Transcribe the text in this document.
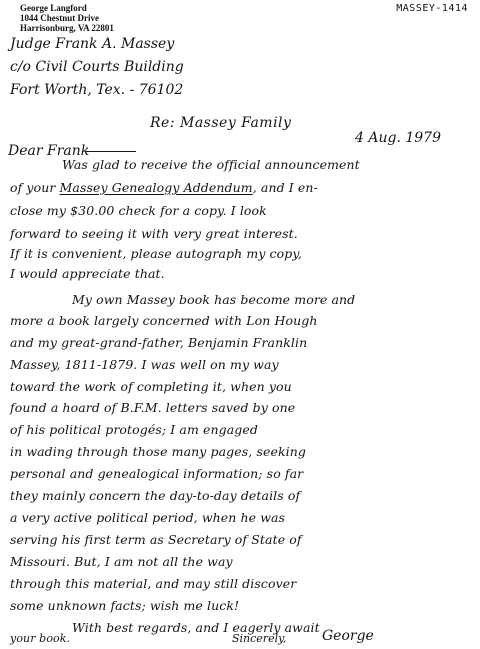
George Langford
1044 Chestnut Drive
Harrisonburg, VA 22801
MASSEY-1414
Judge Frank A. Massey
c/o Civil Courts Building
Fort Worth, Tex. - 76102
Re: Massey Family
4 Aug. 1979
Dear Frank
Was glad to receive the official announcement
of your Massey Genealogy Addendum, and I en-
close my $30.00 check for a copy. I look
forward to seeing it with very great interest.
If it is convenient, please autograph my copy,
I would appreciate that.
My own Massey book has become more and
more a book largely concerned with Lon Hough
and my great-grand-father, Benjamin Franklin
Massey, 1811-1879. I was well on my way
toward the work of completing it, when you
found a hoard of B.F.M. letters saved by one
of his political protogés; I am engaged
in wading through those many pages, seeking
personal and genealogical information; so far
they mainly concern the day-to-day details of
a very active political period, when he was
serving his first term as Secretary of State of
Missouri. But, I am not all the way
through this material, and may still discover
some unknown facts; wish me luck!
With best regards, and I eagerly await
your book.	Sincerely,	George
